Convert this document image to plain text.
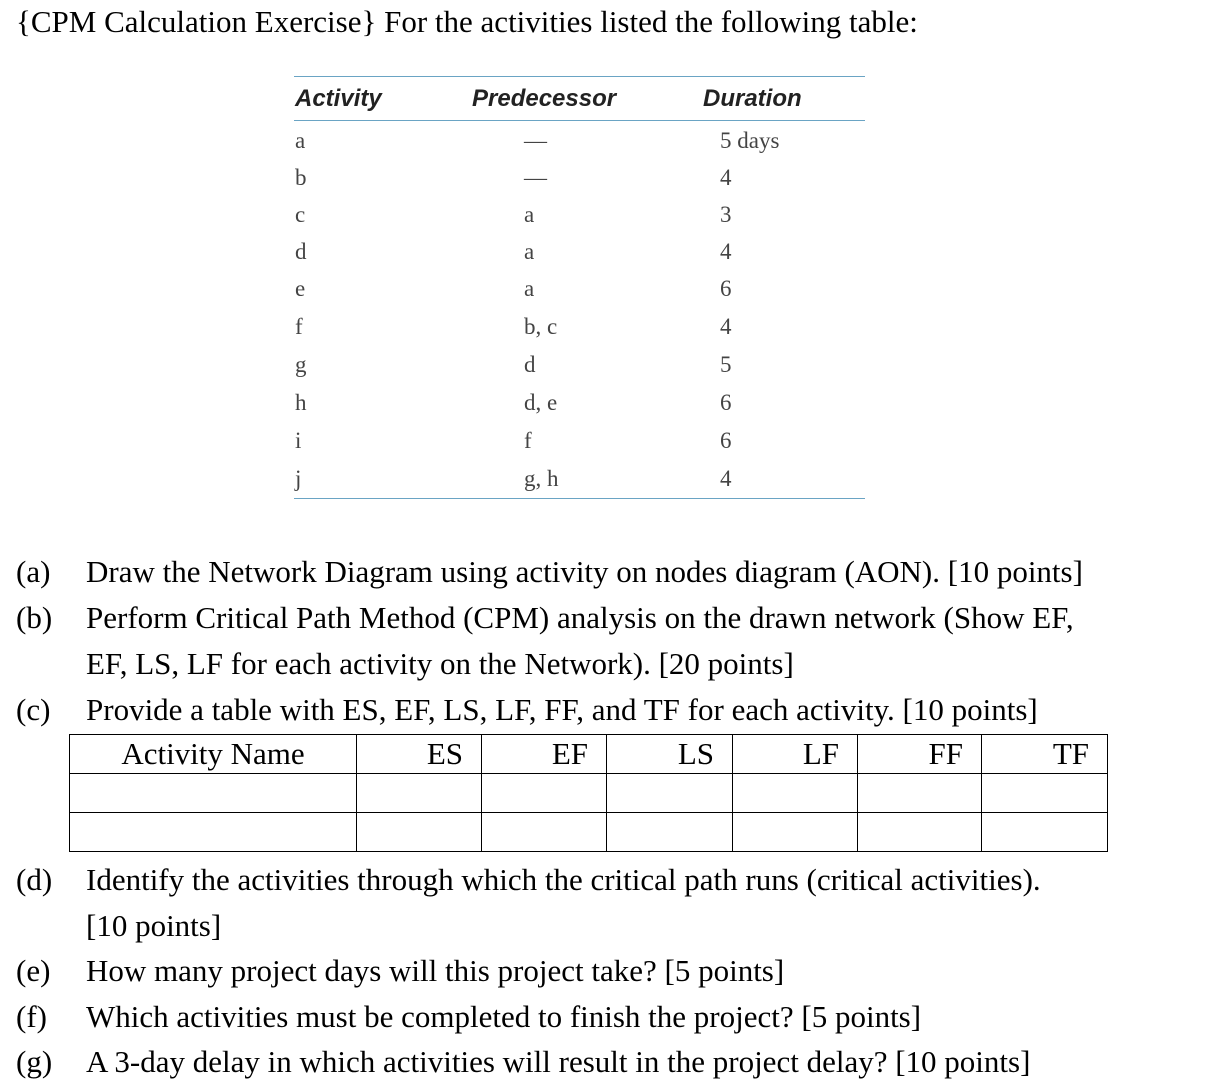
{CPM Calculation Exercise} For the activities listed the following table:
Activity	Predecessor	Duration
a	—	5 days
b	—	4
c	a	3
d	a	4
e	a	6
f	b, c	4
g	d	5
h	d, e	6
i	f	6
j	g, h	4
(a) Draw the Network Diagram using activity on nodes diagram (AON). [10 points]
(b) Perform Critical Path Method (CPM) analysis on the drawn network (Show EF,
EF, LS, LF for each activity on the Network). [20 points]
(c) Provide a table with ES, EF, LS, LF, FF, and TF for each activity. [10 points]
Activity Name	ES	EF	LS	LF	FF	TF

(d) Identify the activities through which the critical path runs (critical activities).
[10 points]
(e) How many project days will this project take? [5 points]
(f) Which activities must be completed to finish the project? [5 points]
(g) A 3-day delay in which activities will result in the project delay? [10 points]
